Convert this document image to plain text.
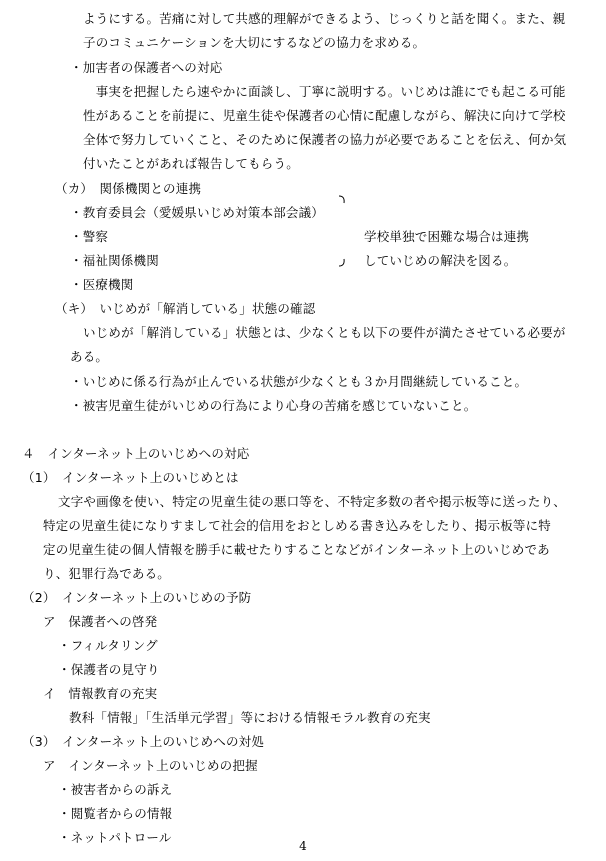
ようにする。苦痛に対して共感的理解ができるよう、じっくりと話を聞く。また、親
子のコミュニケーションを大切にするなどの協力を求める。
・加害者の保護者への対応
　事実を把握したら速やかに面談し、丁寧に説明する。いじめは誰にでも起こる可能
性があることを前提に、児童生徒や保護者の心情に配慮しながら、解決に向けて学校
全体で努力していくこと、そのために保護者の協力が必要であることを伝え、何か気
付いたことがあれば報告してもらう。
（カ）　関係機関との連携
・教育委員会（愛媛県いじめ対策本部会議）
・警察
・福祉関係機関
・医療機関
学校単独で困難な場合は連携
していじめの解決を図る。
（キ）　いじめが「解消している」状態の確認
いじめが「解消している」状態とは、少なくとも以下の要件が満たさせている必要が
ある。
・いじめに係る行為が止んでいる状態が少なくとも３か月間継続していること。
・被害児童生徒がいじめの行為により心身の苦痛を感じていないこと。
４　インターネット上のいじめへの対応
（1）　インターネット上のいじめとは
文字や画像を使い、特定の児童生徒の悪口等を、不特定多数の者や掲示板等に送ったり、
特定の児童生徒になりすまして社会的信用をおとしめる書き込みをしたり、掲示板等に特
定の児童生徒の個人情報を勝手に載せたりすることなどがインターネット上のいじめであ
り、犯罪行為である。
（2）　インターネット上のいじめの予防
ア　保護者への啓発
・フィルタリング
・保護者の見守り
イ　情報教育の充実
教科「情報」「生活単元学習」等における情報モラル教育の充実
（3）　インターネット上のいじめへの対処
ア　インターネット上のいじめの把握
・被害者からの訴え
・閲覧者からの情報
4
・ネットパトロール
